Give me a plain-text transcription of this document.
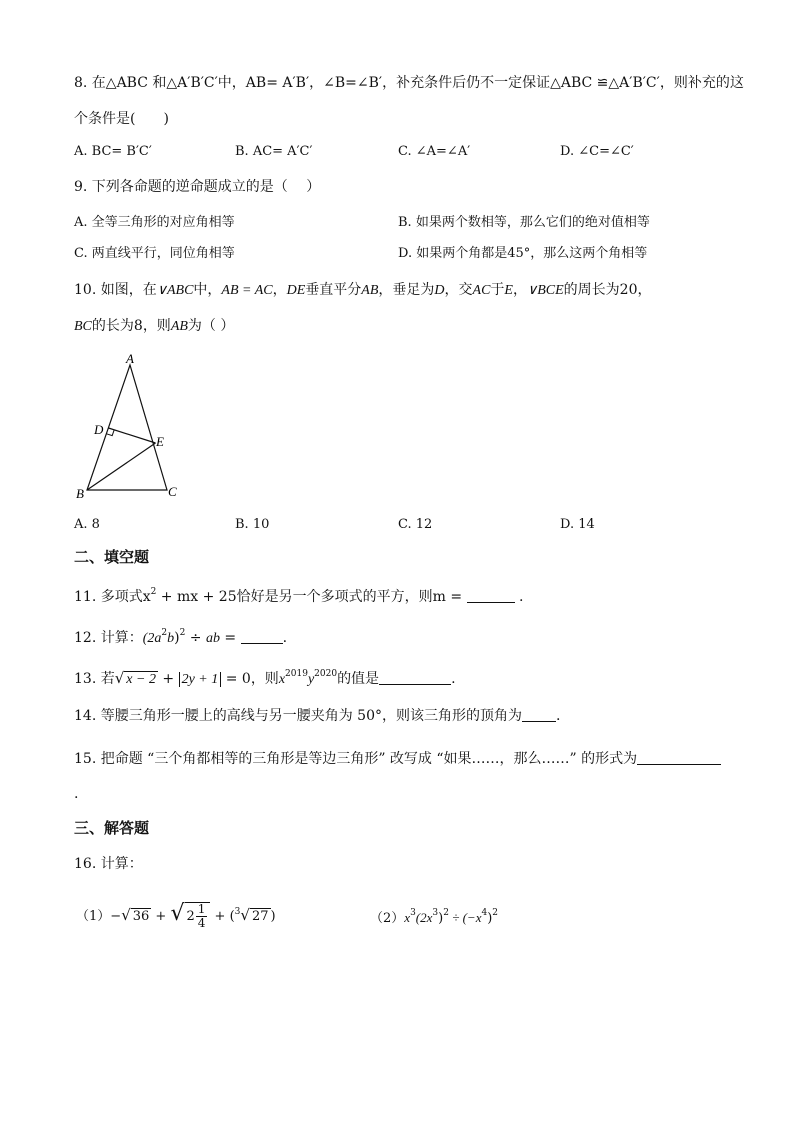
8. 在△ABC 和△A′B′C′中，AB= A′B′，∠B=∠B′，补充条件后仍不一定保证△ABC ≌△A′B′C′，则补充的这
个条件是(　　)
A. BC= B′C′	B. AC= A′C′	C. ∠A=∠A′	D. ∠C=∠C′
9. 下列各命题的逆命题成立的是（　 ）
A. 全等三角形的对应角相等	B. 如果两个数相等，那么它们的绝对值相等
C. 两直线平行，同位角相等	D. 如果两个角都是45°，那么这两个角相等
10. 如图，在∨ABC中，AB = AC，DE垂直平分AB，垂足为D，交AC于E，∨BCE的周长为20，
BC的长为8，则AB为（ ）
A
D
E
B	C
A. 8	B. 10	C. 12	D. 14
二、填空题
11. 多项式$x^2$ + mx + 25恰好是另一个多项式的平方，则m =	.
12. 计算：$(2a^2b)^2$ ÷ ab =	.
13. 若√ x − 2 + 2y + 1 = 0，则$x^{2019}y^{2020}$的值是	.
14. 等腰三角形一腰上的高线与另一腰夹角为 50°，则该三角形的顶角为 .
15. 把命题 “三个角都相等的三角形是等边三角形” 改写成 “如果……，那么……” 的形式为
.
三、解答题
16. 计算：
（1）−√ 36 + √ $2 \frac{1}{4} + (^3√$ 27 )	$(2)x^3(2x^3)^2 \div (-x^4)^2$
